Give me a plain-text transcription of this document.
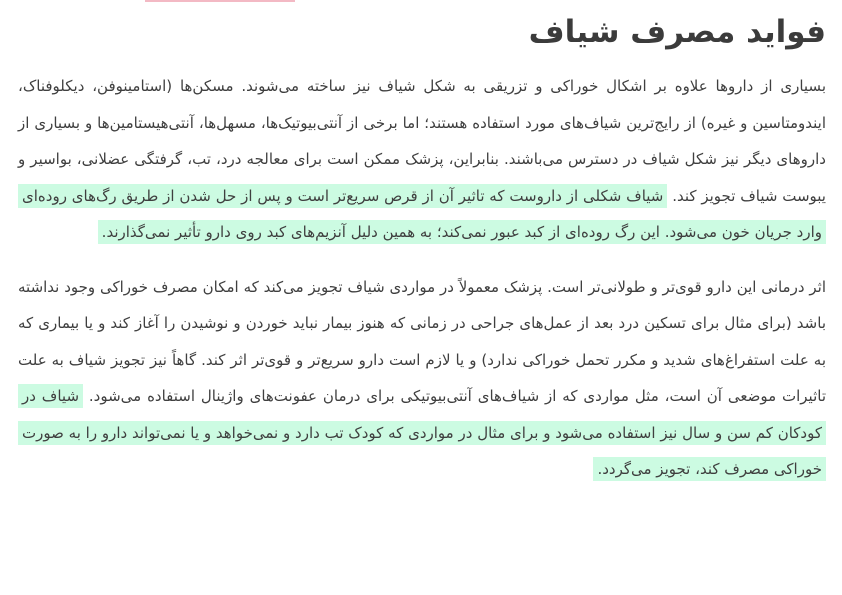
فواید مصرف شیاف

بسیاری از داروها علاوه بر اشکال خوراکی و تزریقی به شکل شیاف نیز ساخته می‌شوند. مسکن‌ها (استامینوفن، دیکلوفناک، ایندومتاسین و غیره) از رایج‌ترین شیاف‌های مورد استفاده هستند؛ اما برخی از آنتی‌بیوتیک‌ها، مسهل‌ها، آنتی‌هیستامین‌ها و بسیاری از داروهای دیگر نیز شکل شیاف در دسترس می‌باشند. بنابراین، پزشک ممکن است برای معالجه درد، تب، گرفتگی عضلانی، بواسیر و یبوست شیاف تجویز کند. شیاف شکلی از داروست که تاثیر آن از قرص سریع‌تر است و پس از حل شدن از طریق رگ‌های روده‌ای وارد جریان خون می‌شود. این رگ روده‌ای از کبد عبور نمی‌کند؛ به همین دلیل آنزیم‌های کبد روی دارو تأثیر نمی‌گذارند.

اثر درمانی این دارو قوی‌تر و طولانی‌تر است. پزشک معمولاً در مواردی شیاف تجویز می‌کند که امکان مصرف خوراکی وجود نداشته باشد (برای مثال برای تسکین درد بعد از عمل‌های جراحی در زمانی که هنوز بیمار نباید خوردن و نوشیدن را آغاز کند و یا بیماری که به علت استفراغ‌های شدید و مکرر تحمل خوراکی ندارد) و یا لازم است دارو سریع‌تر و قوی‌تر اثر کند. گاهاً نیز تجویز شیاف به علت تاثیرات موضعی آن است، مثل مواردی که از شیاف‌های آنتی‌بیوتیکی برای درمان عفونت‌های واژینال استفاده می‌شود. شیاف در کودکان کم سن و سال نیز استفاده می‌شود و برای مثال در مواردی که کودک تب دارد و نمی‌خواهد و یا نمی‌تواند دارو را به صورت خوراکی مصرف کند، تجویز می‌گردد.
